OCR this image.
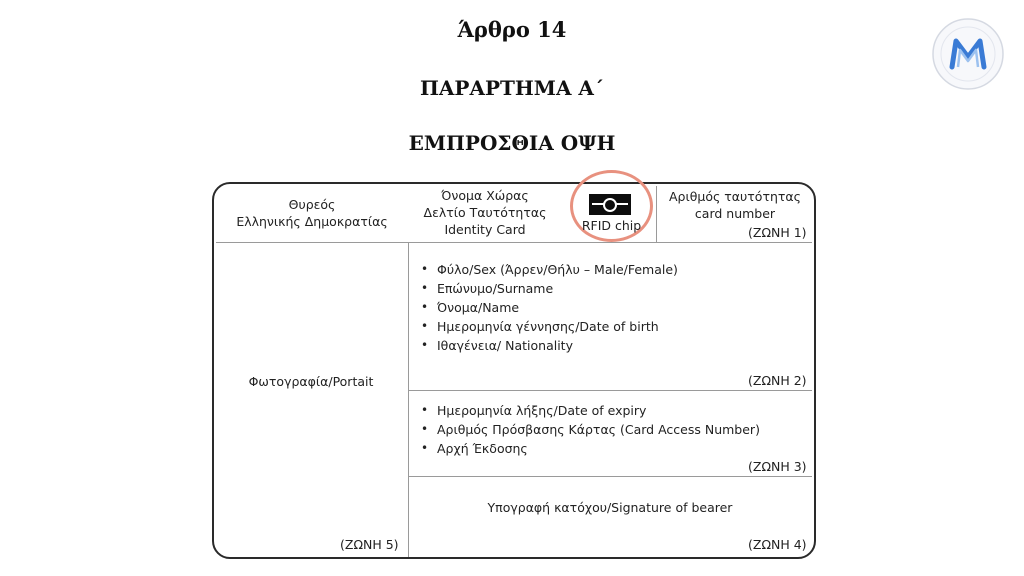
Άρθρο 14
ΠΑΡΑΡΤΗΜΑ Α΄
ΕΜΠΡΟΣΘΙΑ ΟΨΗ
Θυρεός
Ελληνικής Δημοκρατίας
Όνομα Χώρας
Δελτίο Ταυτότητας
Identity Card	RFID chip
Αριθμός ταυτότητας
card number
(ΖΩΝΗ 1)
Φωτογραφία/Portait
(ΖΩΝΗ 5)
• Φύλο/Sex (Άρρεν/Θήλυ – Male/Female)
• Επώνυμο/Surname
• Όνομα/Name
• Ημερομηνία γέννησης/Date of birth
• Ιθαγένεια/ Nationality
(ΖΩΝΗ 2)
• Ημερομηνία λήξης/Date of expiry
• Αριθμός Πρόσβασης Κάρτας (Card Access Number)
• Αρχή Έκδοσης
(ΖΩΝΗ 3)
Υπογραφή κατόχου/Signature of bearer
(ΖΩΝΗ 4)
